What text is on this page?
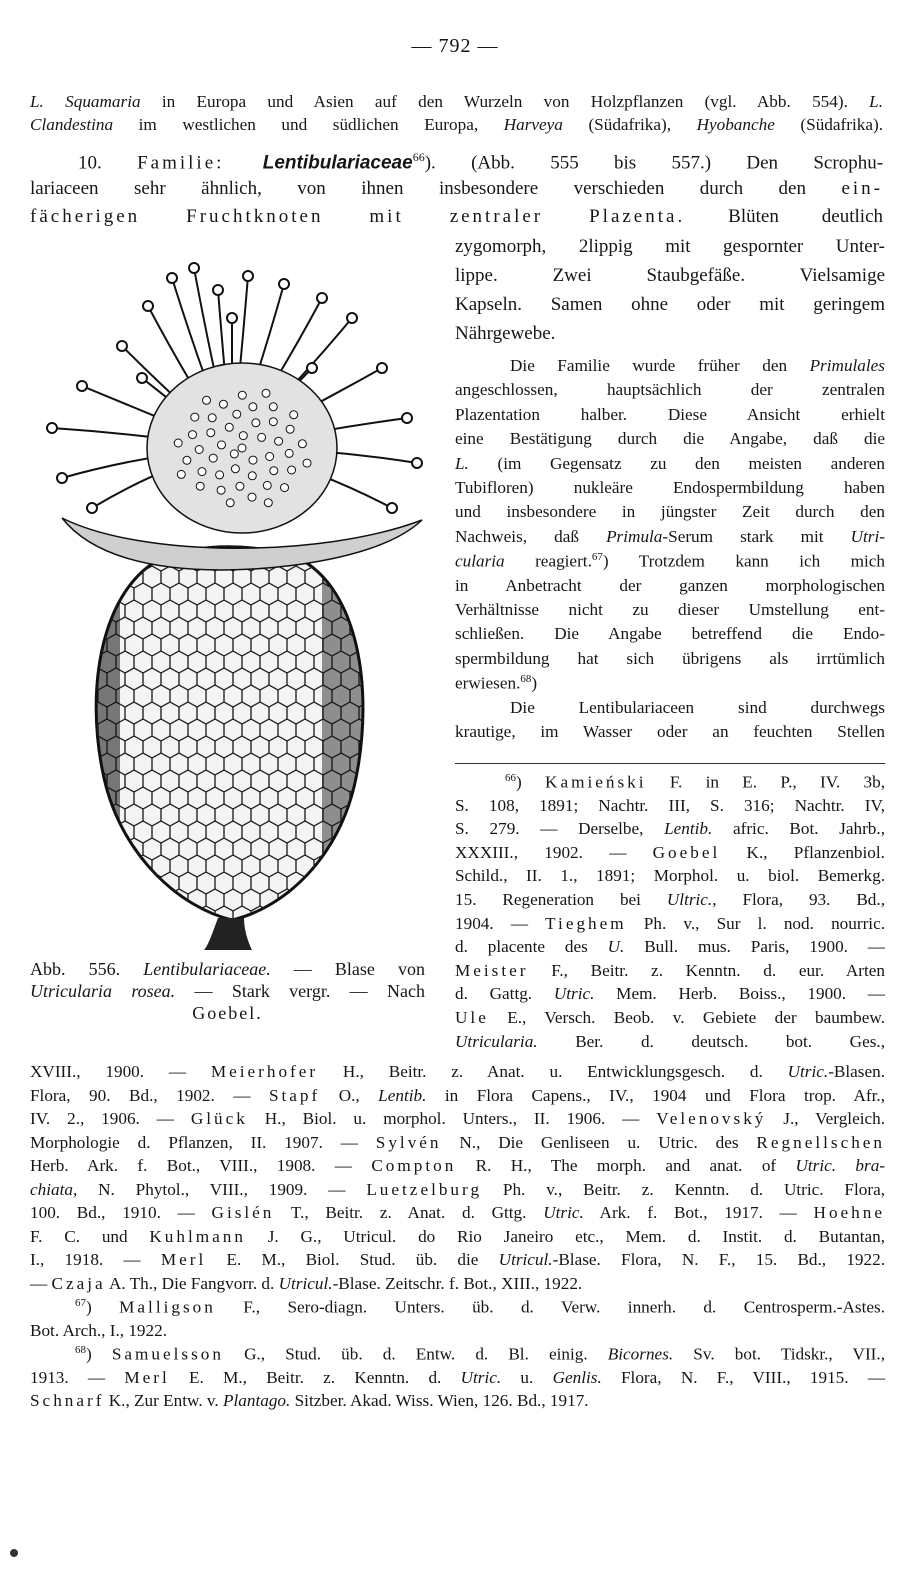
— 792 —
L. Squamaria in Europa und Asien auf den Wurzeln von Holzpflanzen (vgl. Abb. 554). L.
Clandestina im westlichen und südlichen Europa, Harveya (Südafrika), Hyobanche (Südafrika).
10. Familie: Lentibulariaceae$^{66}$). (Abb. 555 bis 557.) Den Scrophu-
lariaceen sehr ähnlich, von ihnen insbesondere verschieden durch den ein-
fächerigen Fruchtknoten mit zentraler Plazenta. Blüten deutlich
zygomorph, 2lippig mit gespornter Unter-
lippe. Zwei Staubgefäße. Vielsamige
Kapseln. Samen ohne oder mit geringem
Nährgewebe.
Die Familie wurde früher den Primulales
angeschlossen, hauptsächlich der zentralen
Plazentation halber. Diese Ansicht erhielt
eine Bestätigung durch die Angabe, daß die
L. (im Gegensatz zu den meisten anderen
Tubifloren) nukleäre Endospermbildung haben
und insbesondere in jüngster Zeit durch den
Nachweis, daß Primula-Serum stark mit Utri-
cularia reagiert.$^{67}$) Trotzdem kann ich mich
in Anbetracht der ganzen morphologischen
Verhältnisse nicht zu dieser Umstellung ent-
schließen. Die Angabe betreffend die Endo-
spermbildung hat sich übrigens als irrtümlich
erwiesen.$^{68}$)
Die Lentibulariaceen sind durchwegs
krautige, im Wasser oder an feuchten Stellen
$^{66}$) Kamieński F. in E. P., IV. 3b,
S. 108, 1891; Nachtr. III, S. 316; Nachtr. IV,
S. 279. — Derselbe, Lentib. afric. Bot. Jahrb.,
XXXIII., 1902. — Goebel K., Pflanzenbiol.
Schild., II. 1., 1891; Morphol. u. biol. Bemerkg.
15. Regeneration bei Ultric., Flora, 93. Bd.,
1904. — Tieghem Ph. v., Sur l. nod. nourric.
d. placente des U. Bull. mus. Paris, 1900. —
Meister F., Beitr. z. Kenntn. d. eur. Arten
d. Gattg. Utric. Mem. Herb. Boiss., 1900. —
Ule E., Versch. Beob. v. Gebiete der baumbew.
Utricularia. Ber. d. deutsch. bot. Ges.,
XVIII., 1900. — Meierhofer H., Beitr. z. Anat. u. Entwicklungsgesch. d. Utric.-Blasen.
Flora, 90. Bd., 1902. — Stapf O., Lentib. in Flora Capens., IV., 1904 und Flora trop. Afr.,
IV. 2., 1906. — Glück H., Biol. u. morphol. Unters., II. 1906. — Velenovský J., Vergleich.
Morphologie d. Pflanzen, II. 1907. — Sylvén N., Die Genliseen u. Utric. des Regnellschen
Herb. Ark. f. Bot., VIII., 1908. — Compton R. H., The morph. and anat. of Utric. bra-
chiata, N. Phytol., VIII., 1909. — Luetzelburg Ph. v., Beitr. z. Kenntn. d. Utric. Flora,
100. Bd., 1910. — Gislén T., Beitr. z. Anat. d. Gttg. Utric. Ark. f. Bot., 1917. — Hoehne
F. C. und Kuhlmann J. G., Utricul. do Rio Janeiro etc., Mem. d. Instit. d. Butantan,
I., 1918. — Merl E. M., Biol. Stud. üb. die Utricul.-Blase. Flora, N. F., 15. Bd., 1922.
— Czaja A. Th., Die Fangvorr. d. Utricul.-Blase. Zeitschr. f. Bot., XIII., 1922.
$^{67}$) Malligson F., Sero-diagn. Unters. üb. d. Verw. innerh. d. Centrosperm.-Astes.
Bot. Arch., I., 1922.
$^{68}$) Samuelsson G., Stud. üb. d. Entw. d. Bl. einig. Bicornes. Sv. bot. Tidskr., VII.,
1913. — Merl E. M., Beitr. z. Kenntn. d. Utric. u. Genlis. Flora, N. F., VIII., 1915. —
Schnarf K., Zur Entw. v. Plantago. Sitzber. Akad. Wiss. Wien, 126. Bd., 1917.
Abb. 556. Lentibulariaceae. — Blase von
Utricularia rosea. — Stark vergr. — Nach
Goebel.
